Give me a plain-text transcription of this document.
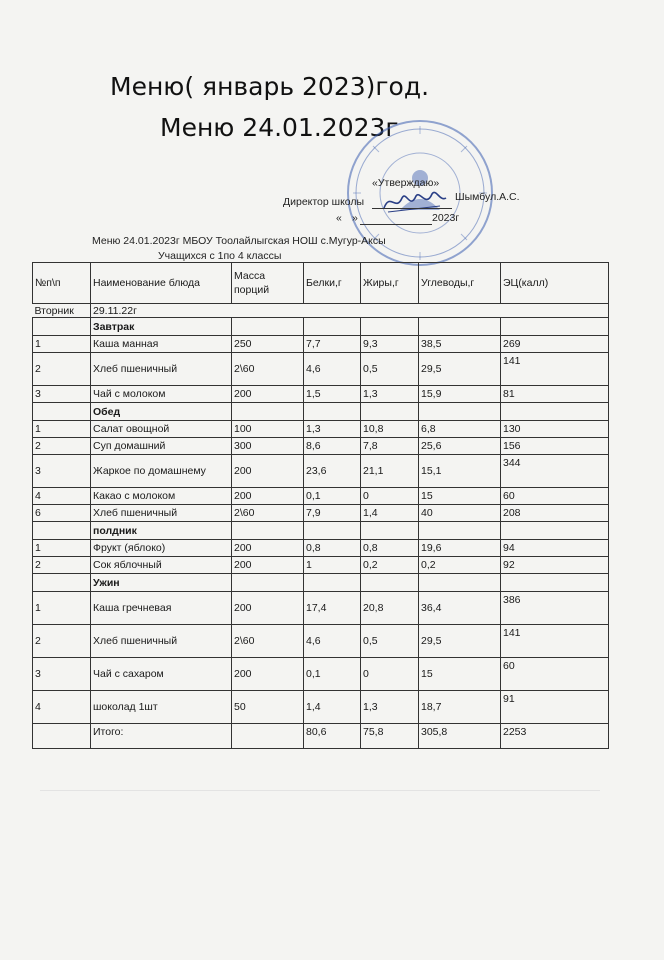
Меню( январь 2023)год.
Меню 24.01.2023г
«Утверждаю»
Директор школы	Шымбул.А.С.
« »	2023г
Меню 24.01.2023г МБОУ Тоолайлыгская НОШ с.Мугур-Аксы
Учащихся с 1по 4 классы
№п\п	Наименование блюда	Масса порций	Белки,г	Жиры,г	Углеводы,г	ЭЦ(калл)
Вторник	29.11.22г					
	Завтрак					
1	Каша манная	250	7,7	9,3	38,5	269
2	Хлеб пшеничный	2\60	4,6	0,5	29,5	141
3	Чай с молоком	200	1,5	1,3	15,9	81
	Обед					
1	Салат овощной	100	1,3	10,8	6,8	130
2	Суп домашний	300	8,6	7,8	25,6	156
3	Жаркое по домашнему	200	23,6	21,1	15,1	344
4	Какао с молоком	200	0,1	0	15	60
6	Хлеб пшеничный	2\60	7,9	1,4	40	208
	полдник					
1	Фрукт (яблоко)	200	0,8	0,8	19,6	94
2	Сок яблочный	200	1	0,2	0,2	92
	Ужин					
1	Каша гречневая	200	17,4	20,8	36,4	386
2	Хлеб пшеничный	2\60	4,6	0,5	29,5	141
3	Чай с сахаром	200	0,1	0	15	60
4	шоколад 1шт	50	1,4	1,3	18,7	91
	Итого:		80,6	75,8	305,8	2253
